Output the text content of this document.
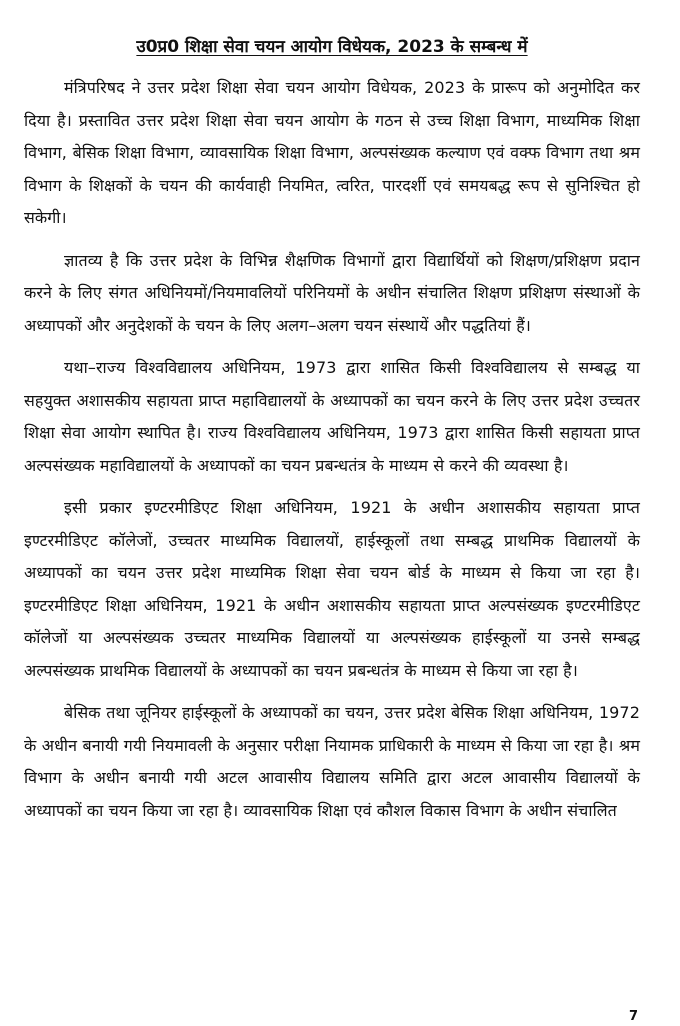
उ0प्र0 शिक्षा सेवा चयन आयोग विधेयक, 2023 के सम्बन्ध में

मंत्रिपरिषद ने उत्तर प्रदेश शिक्षा सेवा चयन आयोग विधेयक, 2023 के प्रारूप को अनुमोदित कर दिया है। प्रस्तावित उत्तर प्रदेश शिक्षा सेवा चयन आयोग के गठन से उच्च शिक्षा विभाग, माध्यमिक शिक्षा विभाग, बेसिक शिक्षा विभाग, व्यावसायिक शिक्षा विभाग, अल्पसंख्यक कल्याण एवं वक्फ विभाग तथा श्रम विभाग के शिक्षकों के चयन की कार्यवाही नियमित, त्वरित, पारदर्शी एवं समयबद्ध रूप से सुनिश्चित हो सकेगी।

ज्ञातव्य है कि उत्तर प्रदेश के विभिन्न शैक्षणिक विभागों द्वारा विद्यार्थियों को शिक्षण/प्रशिक्षण प्रदान करने के लिए संगत अधिनियमों/नियमावलियों परिनियमों के अधीन संचालित शिक्षण प्रशिक्षण संस्थाओं के अध्यापकों और अनुदेशकों के चयन के लिए अलग–अलग चयन संस्थायें और पद्धतियां हैं।

यथा–राज्य विश्वविद्यालय अधिनियम, 1973 द्वारा शासित किसी विश्वविद्यालय से सम्बद्ध या सहयुक्त अशासकीय सहायता प्राप्त महाविद्यालयों के अध्यापकों का चयन करने के लिए उत्तर प्रदेश उच्चतर शिक्षा सेवा आयोग स्थापित है। राज्य विश्वविद्यालय अधिनियम, 1973 द्वारा शासित किसी सहायता प्राप्त अल्पसंख्यक महाविद्यालयों के अध्यापकों का चयन प्रबन्धतंत्र के माध्यम से करने की व्यवस्था है।

इसी प्रकार इण्टरमीडिएट शिक्षा अधिनियम, 1921 के अधीन अशासकीय सहायता प्राप्त इण्टरमीडिएट कॉलेजों, उच्चतर माध्यमिक विद्यालयों, हाईस्कूलों तथा सम्बद्ध प्राथमिक विद्यालयों के अध्यापकों का चयन उत्तर प्रदेश माध्यमिक शिक्षा सेवा चयन बोर्ड के माध्यम से किया जा रहा है। इण्टरमीडिएट शिक्षा अधिनियम, 1921 के अधीन अशासकीय सहायता प्राप्त अल्पसंख्यक इण्टरमीडिएट कॉलेजों या अल्पसंख्यक उच्चतर माध्यमिक विद्यालयों या अल्पसंख्यक हाईस्कूलों या उनसे सम्बद्ध अल्पसंख्यक प्राथमिक विद्यालयों के अध्यापकों का चयन प्रबन्धतंत्र के माध्यम से किया जा रहा है।

बेसिक तथा जूनियर हाईस्कूलों के अध्यापकों का चयन, उत्तर प्रदेश बेसिक शिक्षा अधिनियम, 1972 के अधीन बनायी गयी नियमावली के अनुसार परीक्षा नियामक प्राधिकारी के माध्यम से किया जा रहा है। श्रम विभाग के अधीन बनायी गयी अटल आवासीय विद्यालय समिति द्वारा अटल आवासीय विद्यालयों के अध्यापकों का चयन किया जा रहा है। व्यावसायिक शिक्षा एवं कौशल विकास विभाग के अधीन संचालित

7
